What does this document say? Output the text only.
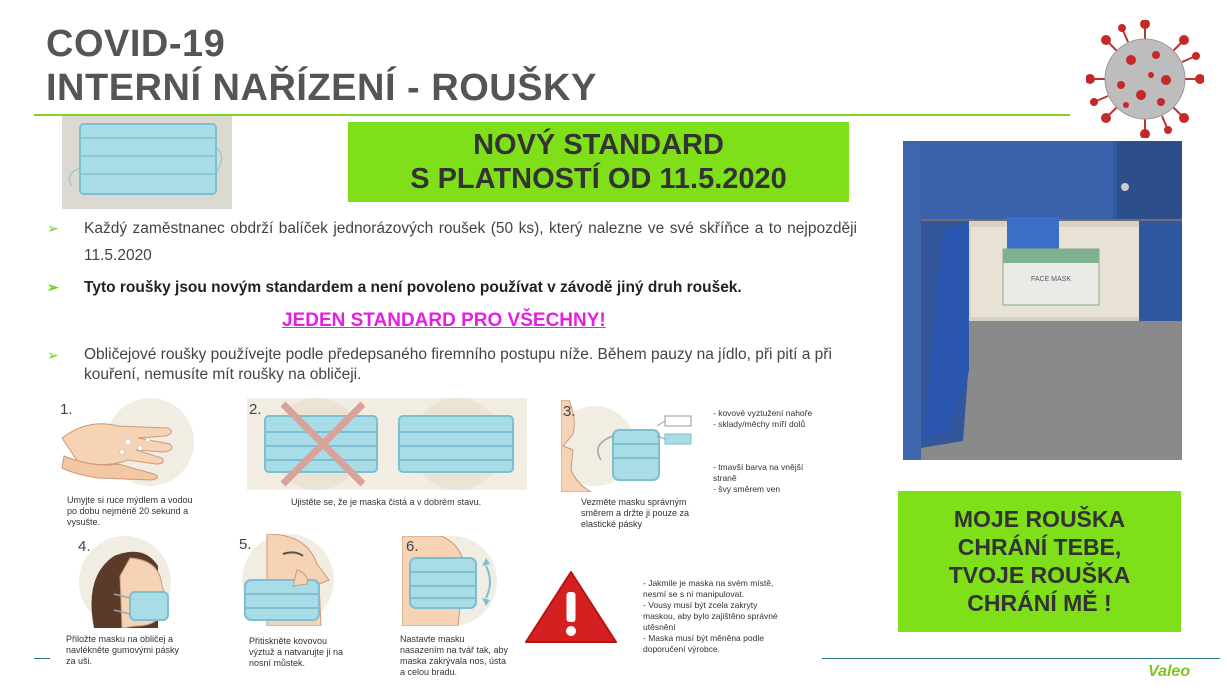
COVID-19
INTERNÍ NAŘÍZENÍ - ROUŠKY
NOVÝ STANDARD
S PLATNOSTÍ OD 11.5.2020
FACE MASK
➢ Každý zaměstnanec obdrží balíček jednorázových roušek (50 ks), který nalezne ve své skříňce a to nejpozději 11.5.2020
➢ Tyto roušky jsou novým standardem a není povoleno používat v závodě jiný druh roušek.
JEDEN STANDARD PRO VŠECHNY!
➢ Obličejové roušky používejte podle předepsaného firemního postupu níže. Během pauzy na jídlo, při pití a při kouření, nemusíte mít roušky na obličeji.
1.
Umyjte si ruce mýdlem a vodou po dobu nejméně 20 sekund a vysušte.
2.
Ujistěte se, že je maska čistá a v dobrém stavu.
3.
Vezměte masku správným směrem a držte ji pouze za elastické pásky
- kovové vyztužení nahoře
- sklady/měchy míří dolů
- tmavší barva na vnější straně
- švy směrem ven
4.
Přiložte masku na obličej a navlékněte gumovými pásky za uši.
5.
Přitiskněte kovovou výztuž a natvarujte ji na nosní můstek.
6.
Nastavte masku nasazením na tvář tak, aby maska zakrývala nos, ústa a celou bradu.
- Jakmile je maska na svém místě, nesmí se s ní manipulovat.
- Vousy musí být zcela zakryty maskou, aby bylo zajištěno správné utěsnění
- Maska musí být měněna podle doporučení výrobce.
MOJE ROUŠKA
CHRÁNÍ TEBE,
TVOJE ROUŠKA
CHRÁNÍ MĚ !
Valeo
